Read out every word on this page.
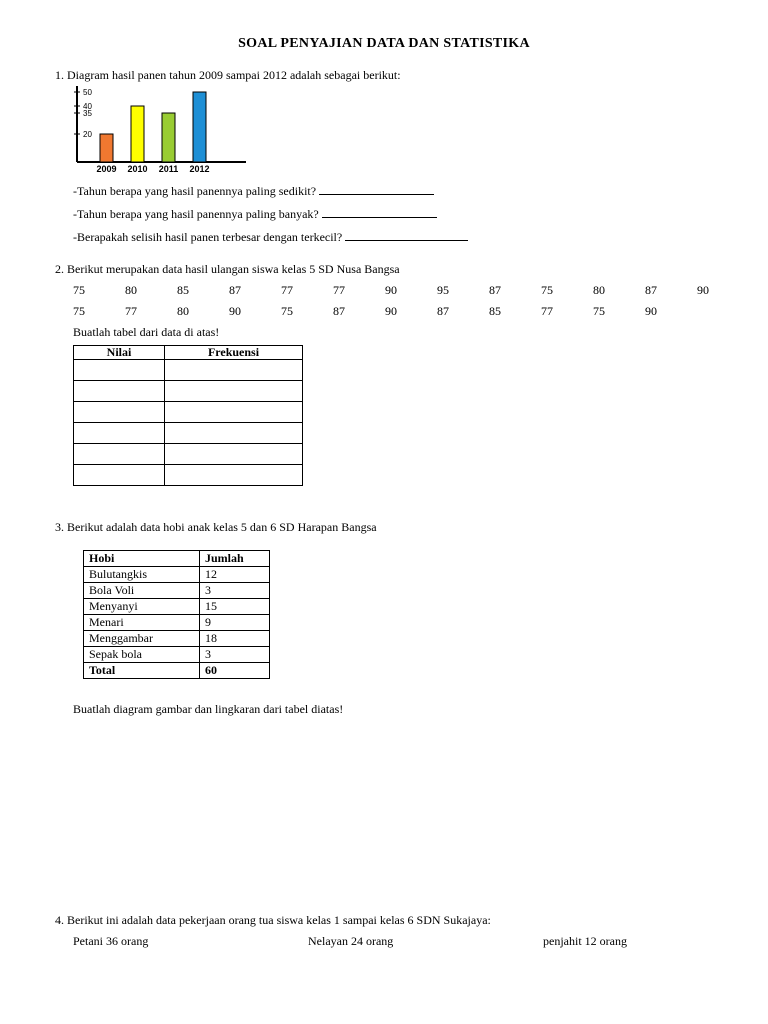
SOAL PENYAJIAN DATA DAN STATISTIKA
1. Diagram hasil panen tahun 2009 sampai 2012 adalah sebagai berikut:
20
35
40
50
2009 2010 2011 2012
-Tahun berapa yang hasil panennya paling sedikit?
-Tahun berapa yang hasil panennya paling banyak?
-Berapakah selisih hasil panen terbesar dengan terkecil?
2. Berikut merupakan data hasil ulangan siswa kelas 5 SD Nusa Bangsa
75	80	85	87	77	77	90	95	87	75	80	87	90
75	77	80	90	75	87	90	87	85	77	75	90
Buatlah tabel dari data di atas!
Nilai	Frekuensi

3. Berikut adalah data hobi anak kelas 5 dan 6 SD Harapan Bangsa
Hobi	Jumlah
Bulutangkis	12
Bola Voli	3
Menyanyi	15
Menari	9
Menggambar	18
Sepak bola	3
Total	60
Buatlah diagram gambar dan lingkaran dari tabel diatas!
4. Berikut ini adalah data pekerjaan orang tua siswa kelas 1 sampai kelas 6 SDN Sukajaya:
Petani 36 orang	Nelayan 24 orang	penjahit 12 orang
